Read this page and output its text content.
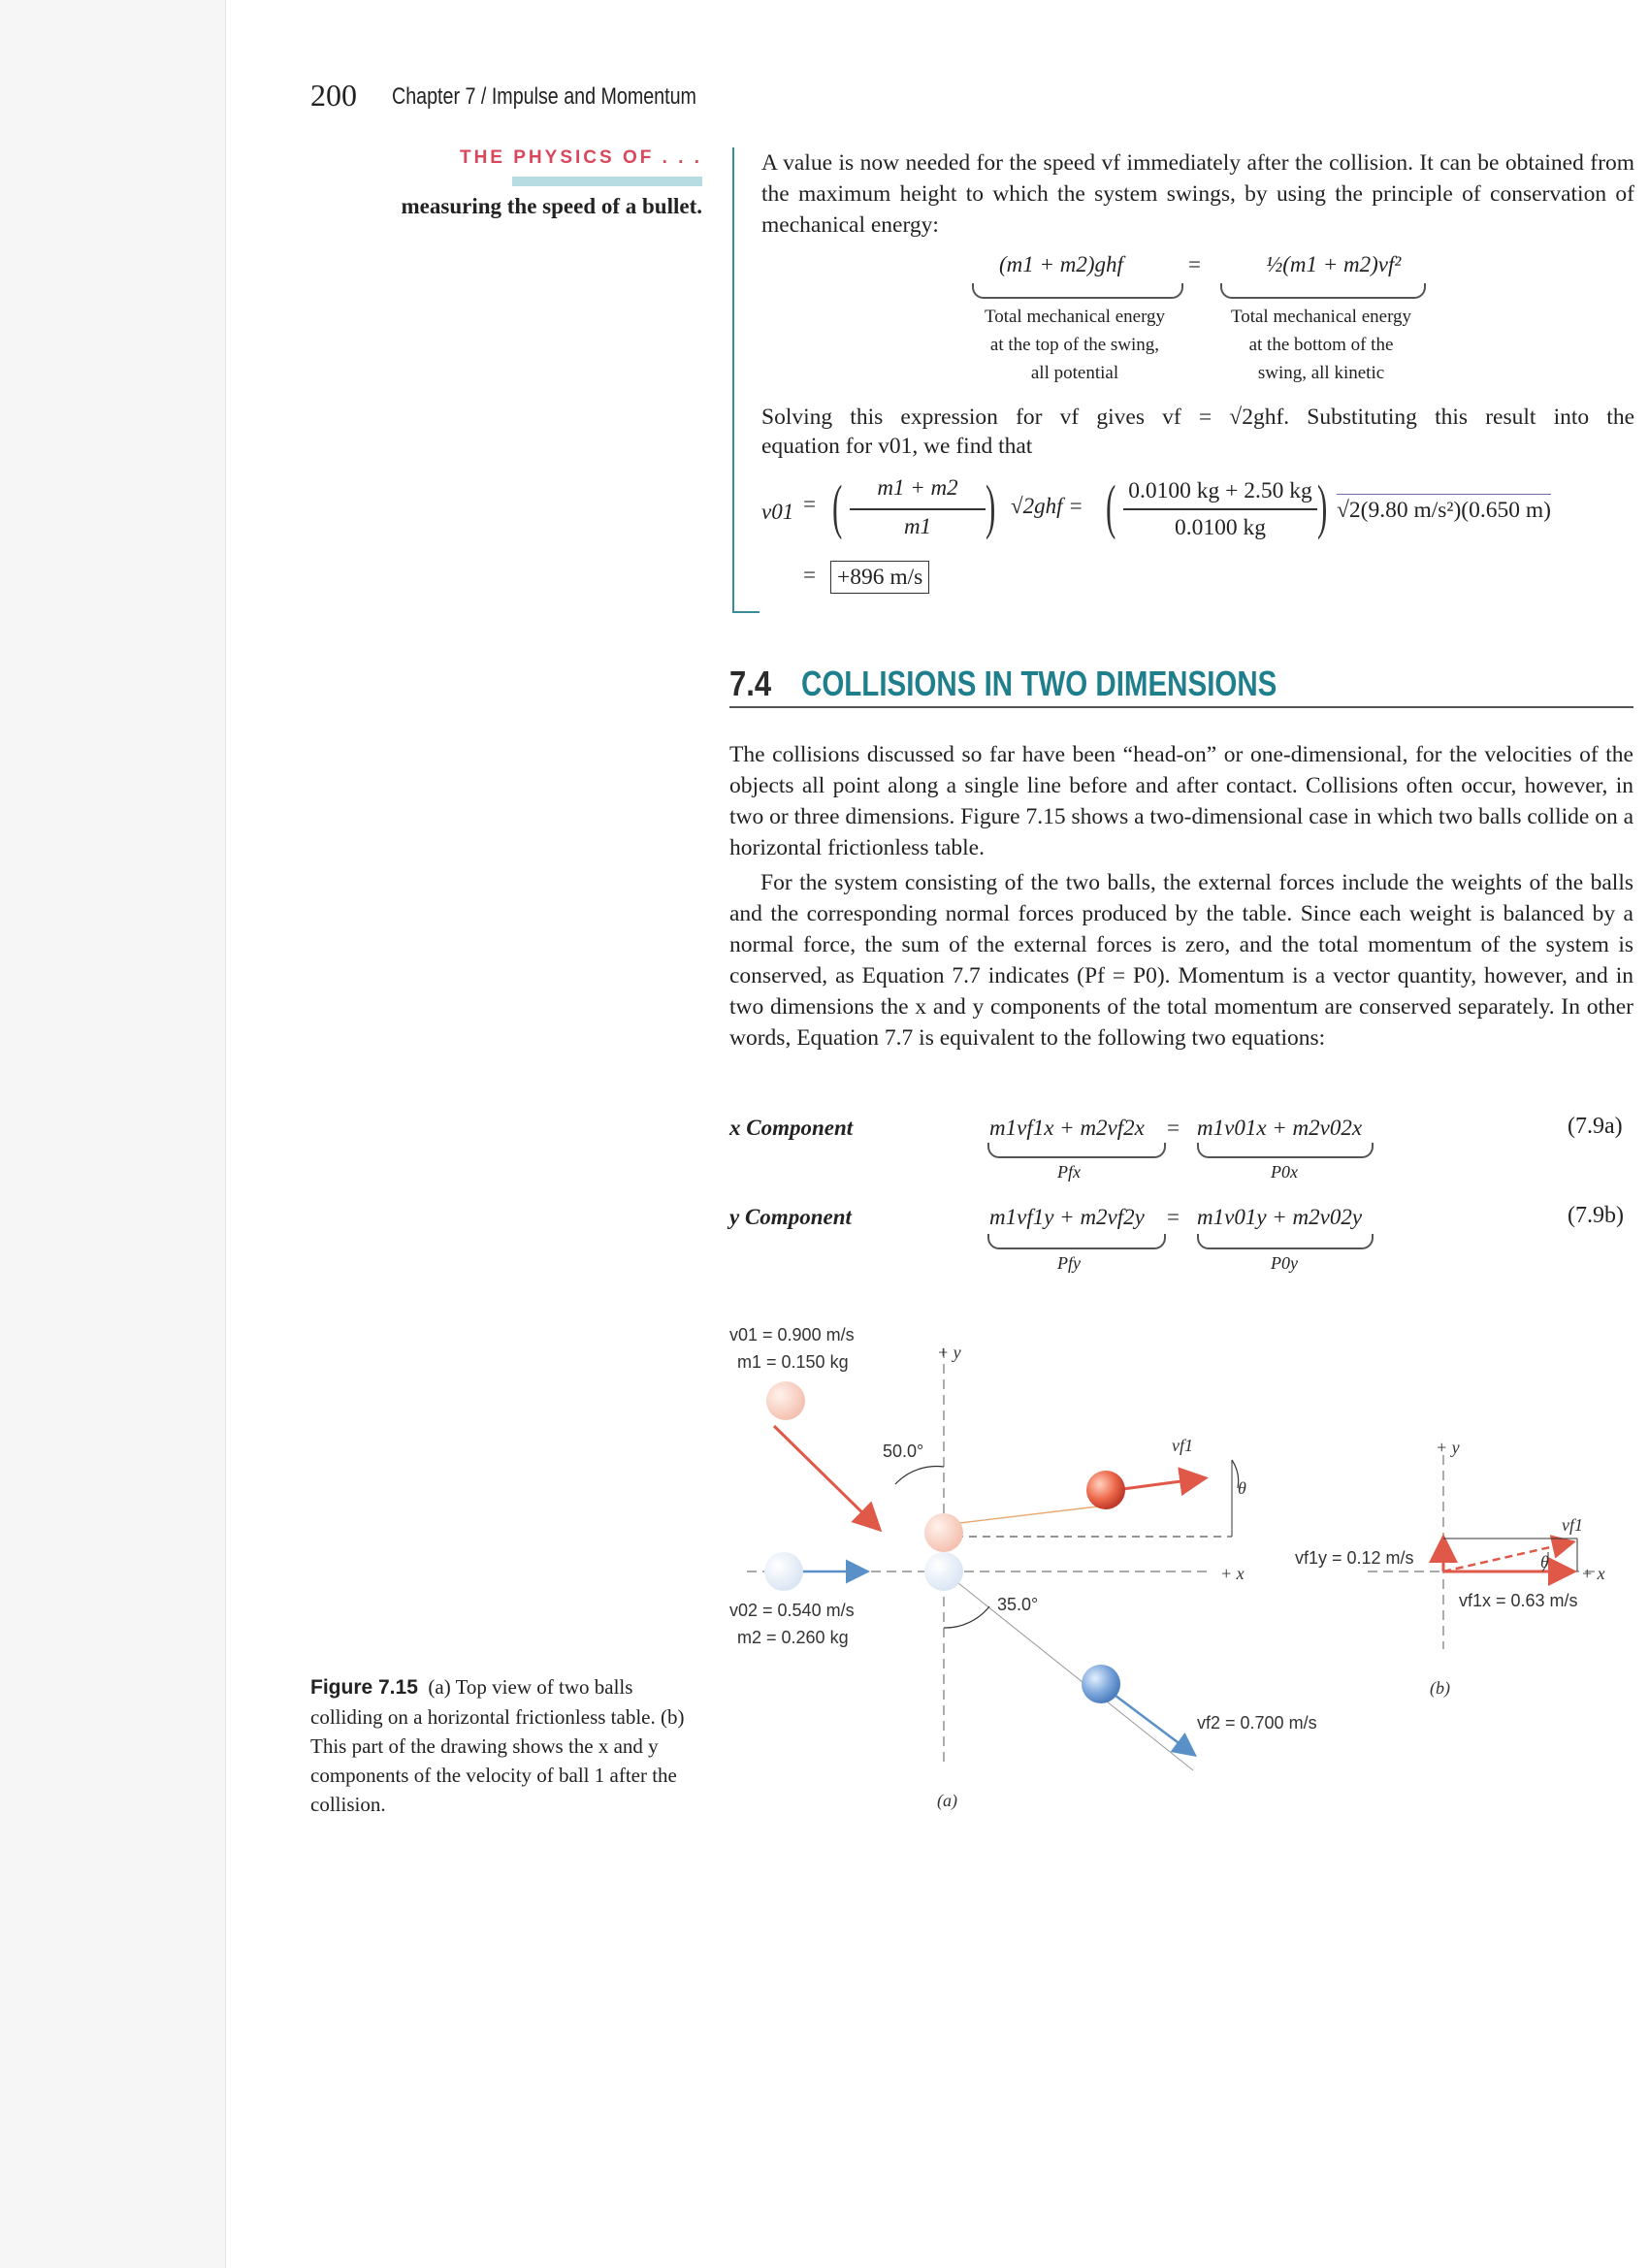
200 Chapter 7 / Impulse and Momentum
THE PHYSICS OF . . .
measuring the speed of a bullet.
A value is now needed for the speed vf immediately after the collision. It can be obtained from the maximum height to which the system swings, by using the principle of conservation of mechanical energy:
(m1 + m2)ghf	=	½(m1 + m2)vf²
Total mechanical energy
at the top of the swing,
all potential
Total mechanical energy
at the bottom of the
swing, all kinetic
Solving this expression for vf gives vf = √2ghf. Substituting this result into the
equation for v01, we find that
v01 = (	m1 + m2
m1 ) √2ghf = ( 0.0100 kg + 2.50 kg
0.0100 kg ) √2(9.80 m/s²)(0.650 m)
= +896 m/s
7.4 COLLISIONS IN TWO DIMENSIONS
The collisions discussed so far have been “head-on” or one-dimensional, for the velocities of the objects all point along a single line before and after contact. Collisions often occur, however, in two or three dimensions. Figure 7.15 shows a two-dimensional case in which two balls collide on a horizontal frictionless table.
For the system consisting of the two balls, the external forces include the weights of the balls and the corresponding normal forces produced by the table. Since each weight is balanced by a normal force, the sum of the external forces is zero, and the total momentum of the system is conserved, as Equation 7.7 indicates (Pf = P0). Momentum is a vector quantity, however, and in two dimensions the x and y components of the total momentum are conserved separately. In other words, Equation 7.7 is equivalent to the following two equations:
x Component	m1vf1x + m2vf2x = m1v01x + m2v02x
Pfx	P0x
(7.9a)
y Component	m1vf1y + m2vf2y = m1v01y + m2v02y
Pfy	P0y
(7.9b)
v01 = 0.900 m/s
m1 = 0.150 kg	+ y
50.0°	vf1
θ
+ x
v02 = 0.540 m/s
m2 = 0.260 kg
35.0°
vf2 = 0.700 m/s
(a)
+ y
vf1
vf1y = 0.12 m/s	θ
+ x
vf1x = 0.63 m/s
(b)
Figure 7.15 (a) Top view of two balls colliding on a horizontal frictionless table. (b) This part of the drawing shows the x and y components of the velocity of ball 1 after the collision.
